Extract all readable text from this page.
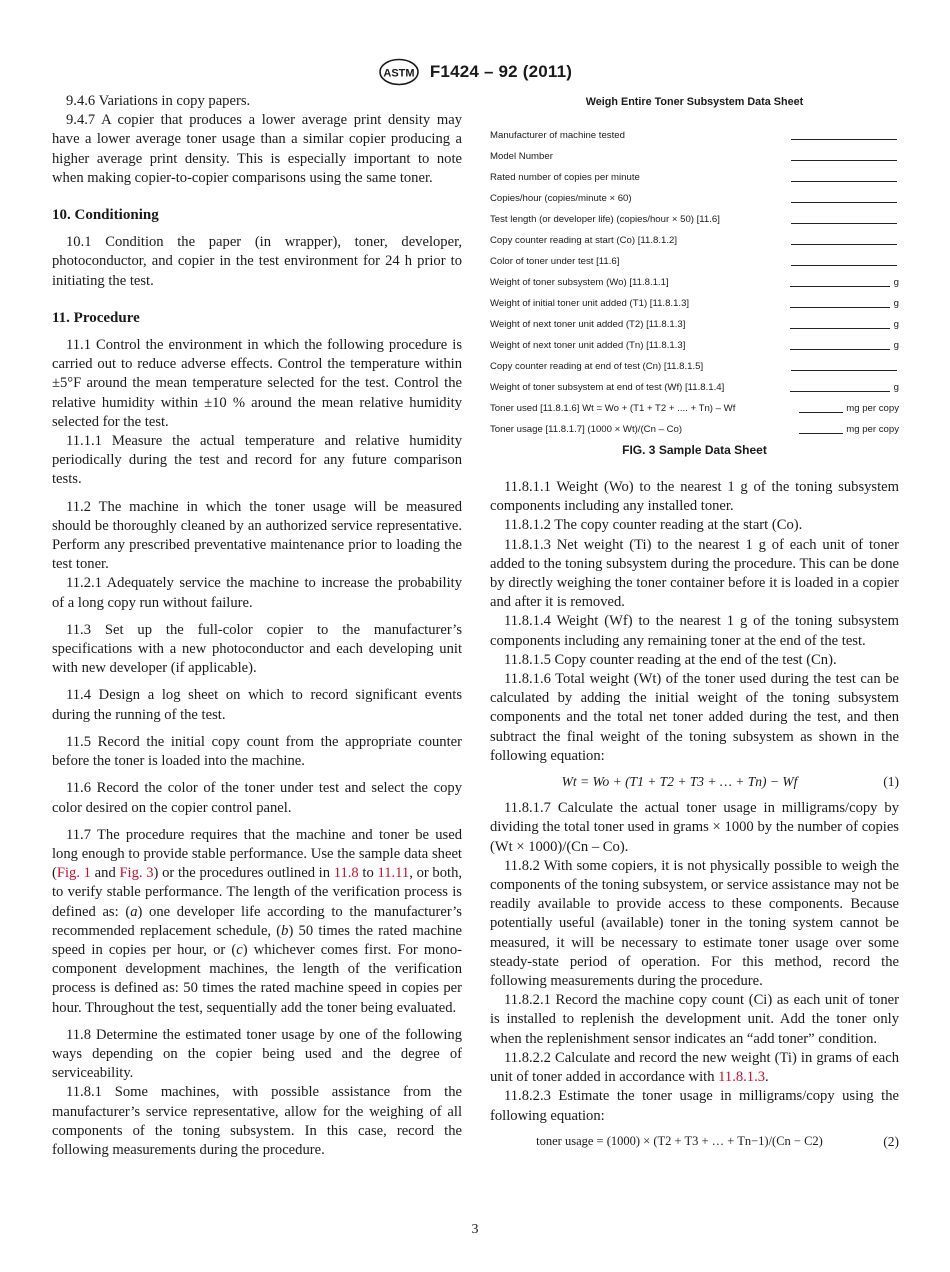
ASTM F1424 – 92 (2011)

9.4.6 Variations in copy papers.

9.4.7 A copier that produces a lower average print density may have a lower average toner usage than a similar copier producing a higher average print density. This is especially important to note when making copier-to-copier comparisons using the same toner.

10. Conditioning

10.1 Condition the paper (in wrapper), toner, developer, photoconductor, and copier in the test environment for 24 h prior to initiating the test.

11. Procedure

11.1 Control the environment in which the following procedure is carried out to reduce adverse effects. Control the temperature within ±5°F around the mean temperature selected for the test. Control the relative humidity within ±10 % around the mean relative humidity selected for the test.

11.1.1 Measure the actual temperature and relative humidity periodically during the test and record for any future comparison tests.

11.2 The machine in which the toner usage will be measured should be thoroughly cleaned by an authorized service representative. Perform any prescribed preventative maintenance prior to loading the test toner.

11.2.1 Adequately service the machine to increase the probability of a long copy run without failure.

11.3 Set up the full-color copier to the manufacturer’s specifications with a new photoconductor and each developing unit with new developer (if applicable).

11.4 Design a log sheet on which to record significant events during the running of the test.

11.5 Record the initial copy count from the appropriate counter before the toner is loaded into the machine.

11.6 Record the color of the toner under test and select the copy color desired on the copier control panel.

11.7 The procedure requires that the machine and toner be used long enough to provide stable performance. Use the sample data sheet (Fig. 1 and Fig. 3) or the procedures outlined in 11.8 to 11.11, or both, to verify stable performance. The length of the verification process is defined as: (a) one developer life according to the manufacturer’s recommended replacement schedule, (b) 50 times the rated machine speed in copies per hour, or (c) whichever comes first. For mono-component development machines, the length of the verification process is defined as: 50 times the rated machine speed in copies per hour. Throughout the test, sequentially add the toner being evaluated.

11.8 Determine the estimated toner usage by one of the following ways depending on the copier being used and the degree of serviceability.

11.8.1 Some machines, with possible assistance from the manufacturer’s service representative, allow for the weighing of all components of the toning subsystem. In this case, record the following measurements during the procedure.

Weigh Entire Toner Subsystem Data Sheet
Manufacturer of machine tested
Model Number
Rated number of copies per minute
Copies/hour (copies/minute × 60)
Test length (or developer life) (copies/hour × 50) [11.6]
Copy counter reading at start (Co) [11.8.1.2]
Color of toner under test [11.6]
Weight of toner subsystem (Wo) [11.8.1.1]	g
Weight of initial toner unit added (T1) [11.8.1.3]	g
Weight of next toner unit added (T2) [11.8.1.3]	g
Weight of next toner unit added (Tn) [11.8.1.3]	g
Copy counter reading at end of test (Cn) [11.8.1.5]
Weight of toner subsystem at end of test (Wf) [11.8.1.4]	g
Toner used [11.8.1.6] Wt = Wo + (T1 + T2 + .... + Tn) – Wf	mg per copy
Toner usage [11.8.1.7] (1000 × Wt)/(Cn – Co)	mg per copy
FIG. 3 Sample Data Sheet

11.8.1.1 Weight (Wo) to the nearest 1 g of the toning subsystem components including any installed toner.

11.8.1.2 The copy counter reading at the start (Co).

11.8.1.3 Net weight (Ti) to the nearest 1 g of each unit of toner added to the toning subsystem during the procedure. This can be done by directly weighing the toner container before it is loaded in a copier and after it is removed.

11.8.1.4 Weight (Wf) to the nearest 1 g of the toning subsystem components including any remaining toner at the end of the test.

11.8.1.5 Copy counter reading at the end of the test (Cn).

11.8.1.6 Total weight (Wt) of the toner used during the test can be calculated by adding the initial weight of the toning subsystem components and the total net toner added during the test, and then subtract the final weight of the toning subsystem as shown in the following equation:

Wt = Wo + (T1 + T2 + T3 + … + Tn) − Wf	(1)

11.8.1.7 Calculate the actual toner usage in milligrams/copy by dividing the total toner used in grams × 1000 by the number of copies (Wt × 1000)/(Cn – Co).

11.8.2 With some copiers, it is not physically possible to weigh the components of the toning subsystem, or service assistance may not be readily available to provide access to these components. Because potentially useful (available) toner in the toning system cannot be measured, it will be necessary to estimate toner usage over some steady-state period of operation. For this method, record the following measurements during the procedure.

11.8.2.1 Record the machine copy count (Ci) as each unit of toner is installed to replenish the development unit. Add the toner only when the replenishment sensor indicates an “add toner” condition.

11.8.2.2 Calculate and record the new weight (Ti) in grams of each unit of toner added in accordance with 11.8.1.3.

11.8.2.3 Estimate the toner usage in milligrams/copy using the following equation:

toner usage = (1000) × (T2 + T3 + … + Tn−1)/(Cn − C2)	(2)
3
